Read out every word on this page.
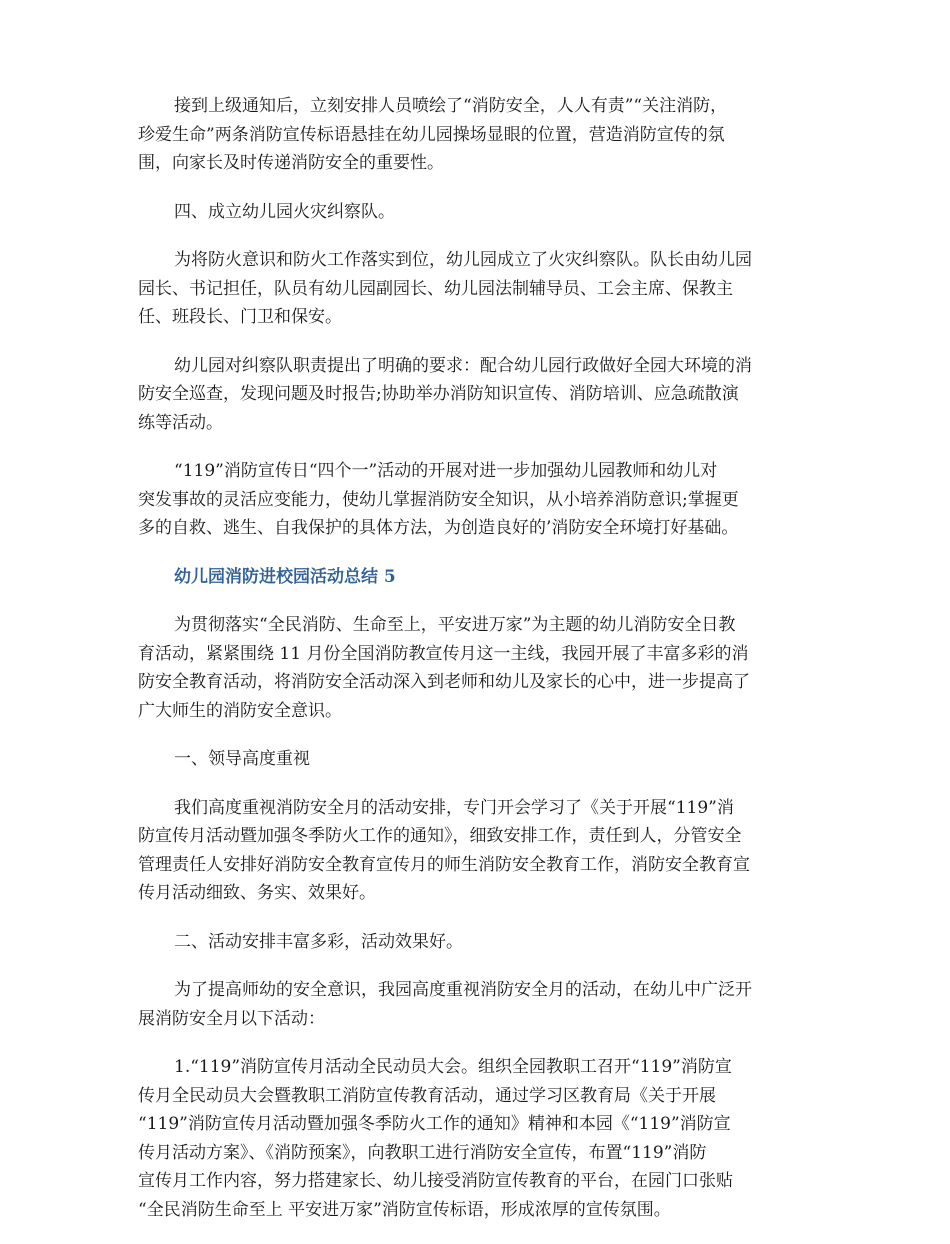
接到上级通知后，立刻安排人员喷绘了“消防安全，人人有责”“关注消防，
珍爱生命”两条消防宣传标语悬挂在幼儿园操场显眼的位置，营造消防宣传的氛
围，向家长及时传递消防安全的重要性。
四、成立幼儿园火灾纠察队。
为将防火意识和防火工作落实到位，幼儿园成立了火灾纠察队。队长由幼儿园
园长、书记担任，队员有幼儿园副园长、幼儿园法制辅导员、工会主席、保教主
任、班段长、门卫和保安。
幼儿园对纠察队职责提出了明确的要求：配合幼儿园行政做好全园大环境的消
防安全巡查，发现问题及时报告;协助举办消防知识宣传、消防培训、应急疏散演
练等活动。
“119”消防宣传日“四个一”活动的开展对进一步加强幼儿园教师和幼儿对
突发事故的灵活应变能力，使幼儿掌握消防安全知识，从小培养消防意识;掌握更
多的自救、逃生、自我保护的具体方法，为创造良好的’消防安全环境打好基础。
幼儿园消防进校园活动总结 5
为贯彻落实“全民消防、生命至上，平安进万家”为主题的幼儿消防安全日教
育活动，紧紧围绕 11 月份全国消防教宣传月这一主线，我园开展了丰富多彩的消
防安全教育活动，将消防安全活动深入到老师和幼儿及家长的心中，进一步提高了
广大师生的消防安全意识。
一、领导高度重视
我们高度重视消防安全月的活动安排，专门开会学习了《关于开展“119”消
防宣传月活动暨加强冬季防火工作的通知》，细致安排工作，责任到人，分管安全
管理责任人安排好消防安全教育宣传月的师生消防安全教育工作，消防安全教育宣
传月活动细致、务实、效果好。
二、活动安排丰富多彩，活动效果好。
为了提高师幼的安全意识，我园高度重视消防安全月的活动，在幼儿中广泛开
展消防安全月以下活动：
1.“119”消防宣传月活动全民动员大会。组织全园教职工召开“119”消防宣
传月全民动员大会暨教职工消防宣传教育活动，通过学习区教育局《关于开展
“119”消防宣传月活动暨加强冬季防火工作的通知》精神和本园《“119”消防宣
传月活动方案》、《消防预案》，向教职工进行消防安全宣传，布置“119”消防
宣传月工作内容，努力搭建家长、幼儿接受消防宣传教育的平台，在园门口张贴
“全民消防生命至上 平安进万家”消防宣传标语，形成浓厚的宣传氛围。
